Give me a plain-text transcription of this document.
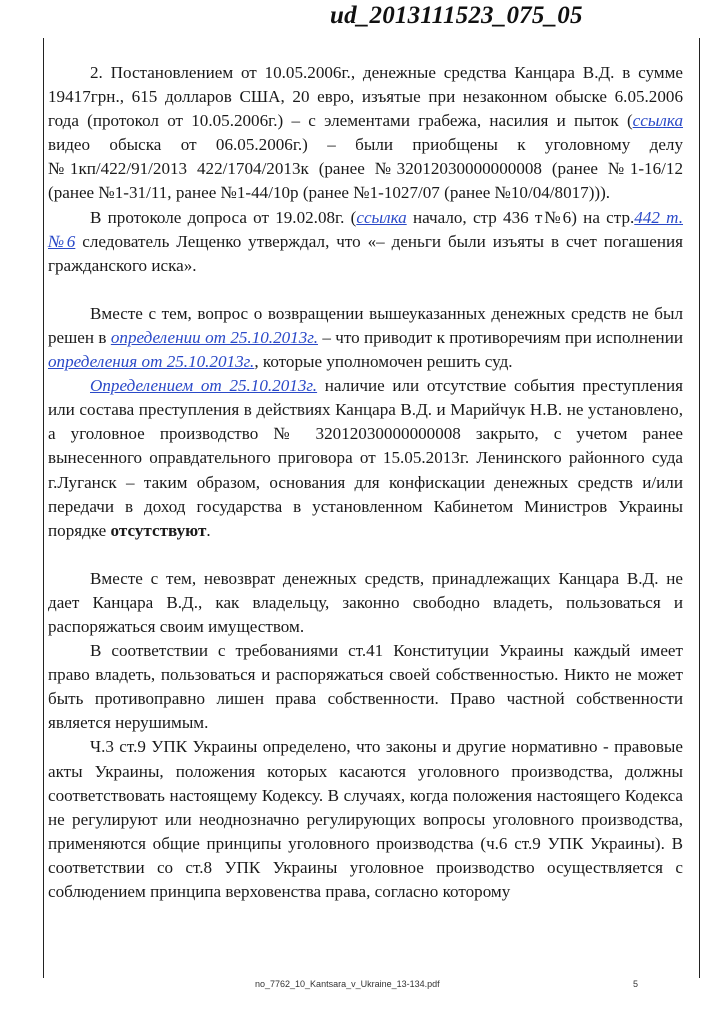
ud_2013111523_075_05

2. Постановлением от 10.05.2006г., денежные средства Канцара В.Д. в сумме 19417грн., 615 долларов США, 20 евро, изъятые при незаконном обыске 6.05.2006 года (протокол от 10.05.2006г.) – с элементами грабежа, насилия и пыток (ссылка видео обыска от 06.05.2006г.) – были приобщены к уголовному делу №1кп/422/91/2013 422/1704/2013к (ранее №32012030000000008 (ранее №1-16/12 (ранее №1-31/11, ранее №1-44/10р (ранее №1-1027/07 (ранее №10/04/8017))).

В протоколе допроса от 19.02.08г. (ссылка начало, стр 436 т№6) на стр.442 т. №6 следователь Лещенко утверждал, что «– деньги были изъяты в счет погашения гражданского иска».

Вместе с тем, вопрос о возвращении вышеуказанных денежных средств не был решен в определении от 25.10.2013г. – что приводит к противоречиям при исполнении определения от 25.10.2013г., которые уполномочен решить суд.

Определением от 25.10.2013г. наличие или отсутствие события преступления или состава преступления в действиях Канцара В.Д. и Марийчук Н.В. не установлено, а уголовное производство № 32012030000000008 закрыто, с учетом ранее вынесенного оправдательного приговора от 15.05.2013г. Ленинского районного суда г.Луганск – таким образом, основания для конфискации денежных средств и/или передачи в доход государства в установленном Кабинетом Министров Украины порядке отсутствуют.

Вместе с тем, невозврат денежных средств, принадлежащих Канцара В.Д. не дает Канцара В.Д., как владельцу, законно свободно владеть, пользоваться и распоряжаться своим имуществом.

В соответствии с требованиями ст.41 Конституции Украины каждый имеет право владеть, пользоваться и распоряжаться своей собственностью. Никто не может быть противоправно лишен права собственности. Право частной собственности является нерушимым.

Ч.3 ст.9 УПК Украины определено, что законы и другие нормативно - правовые акты Украины, положения которых касаются уголовного производства, должны соответствовать настоящему Кодексу. В случаях, когда положения настоящего Кодекса не регулируют или неоднозначно регулирующих вопросы уголовного производства, применяются общие принципы уголовного производства (ч.6 ст.9 УПК Украины). В соответствии со ст.8 УПК Украины уголовное производство осуществляется с соблюдением принципа верховенства права, согласно которому

no_7762_10_Kantsara_v_Ukraine_13-134.pdf	5
